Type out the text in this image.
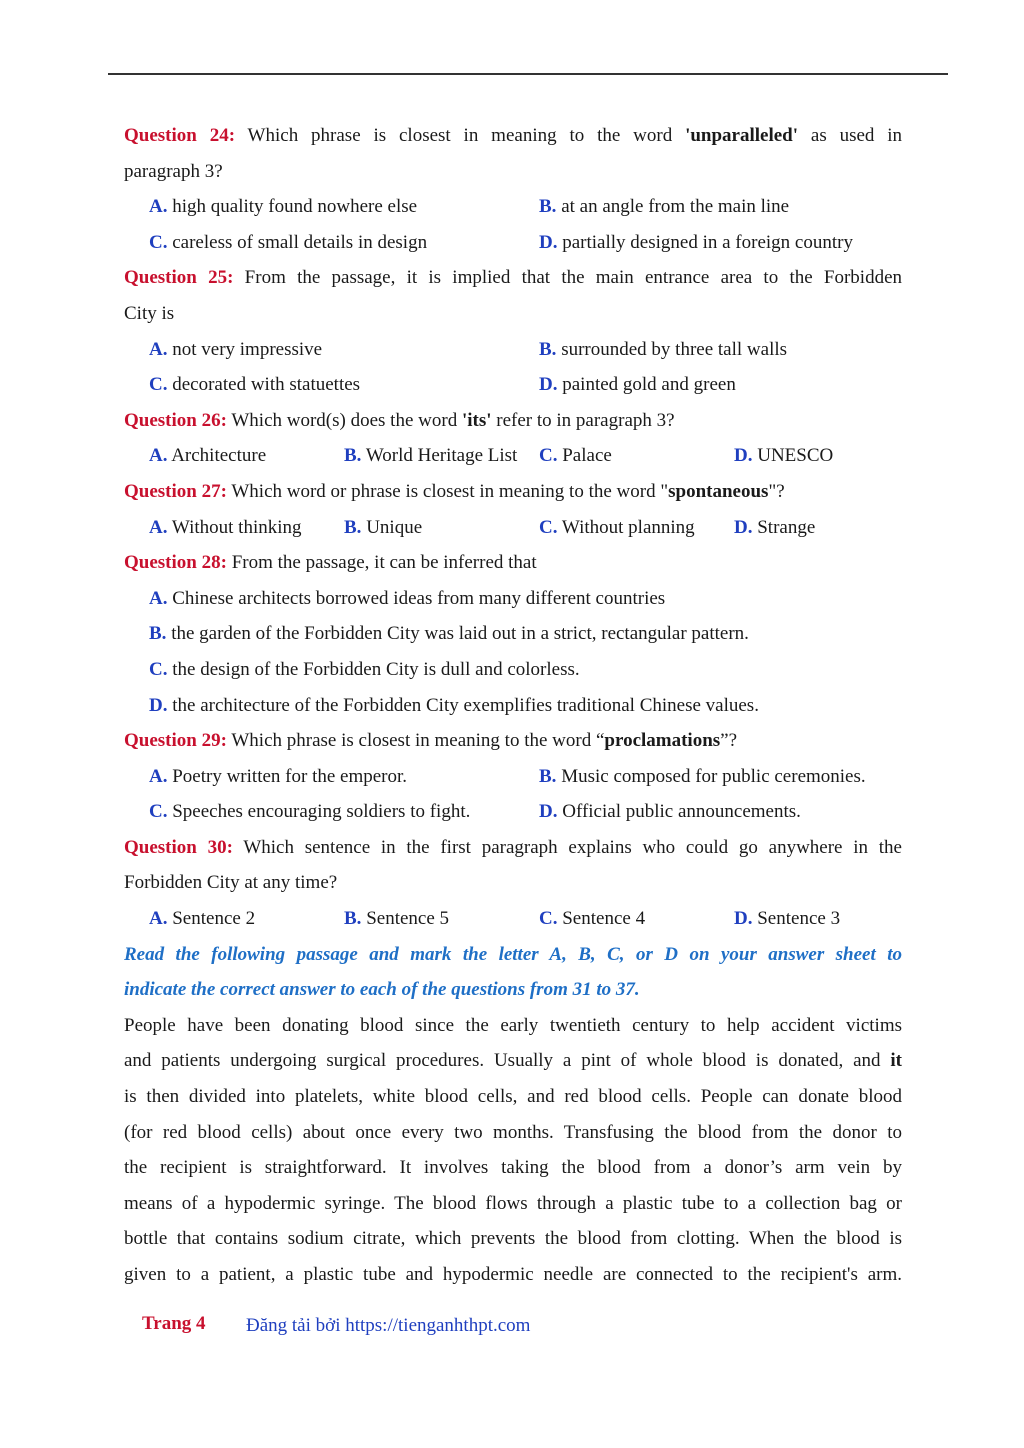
Question 24: Which phrase is closest in meaning to the word 'unparalleled' as used in
paragraph 3?
A. high quality found nowhere else	B. at an angle from the main line
C. careless of small details in design	D. partially designed in a foreign country
Question 25: From the passage, it is implied that the main entrance area to the Forbidden
City is
A. not very impressive	B. surrounded by three tall walls
C. decorated with statuettes	D. painted gold and green
Question 26: Which word(s) does the word 'its' refer to in paragraph 3?
A. Architecture	B. World Heritage List C. Palace	D. UNESCO
Question 27: Which word or phrase is closest in meaning to the word "spontaneous"?
A. Without thinking B. Unique	C. Without planning D. Strange
Question 28: From the passage, it can be inferred that
A. Chinese architects borrowed ideas from many different countries
B. the garden of the Forbidden City was laid out in a strict, rectangular pattern.
C. the design of the Forbidden City is dull and colorless.
D. the architecture of the Forbidden City exemplifies traditional Chinese values.
Question 29: Which phrase is closest in meaning to the word “proclamations”?
A. Poetry written for the emperor.	B. Music composed for public ceremonies.
C. Speeches encouraging soldiers to fight.	D. Official public announcements.
Question 30: Which sentence in the first paragraph explains who could go anywhere in the
Forbidden City at any time?
A. Sentence 2	B. Sentence 5	C. Sentence 4	D. Sentence 3
Read the following passage and mark the letter A, B, C, or D on your answer sheet to
indicate the correct answer to each of the questions from 31 to 37.
People have been donating blood since the early twentieth century to help accident victims
and patients undergoing surgical procedures. Usually a pint of whole blood is donated, and it
is then divided into platelets, white blood cells, and red blood cells. People can donate blood
(for red blood cells) about once every two months. Transfusing the blood from the donor to
the recipient is straightforward. It involves taking the blood from a donor’s arm vein by
means of a hypodermic syringe. The blood flows through a plastic tube to a collection bag or
bottle that contains sodium citrate, which prevents the blood from clotting. When the blood is
given to a patient, a plastic tube and hypodermic needle are connected to the recipient's arm.
Trang 4 Đăng tải bởi https://tienganhthpt.com
